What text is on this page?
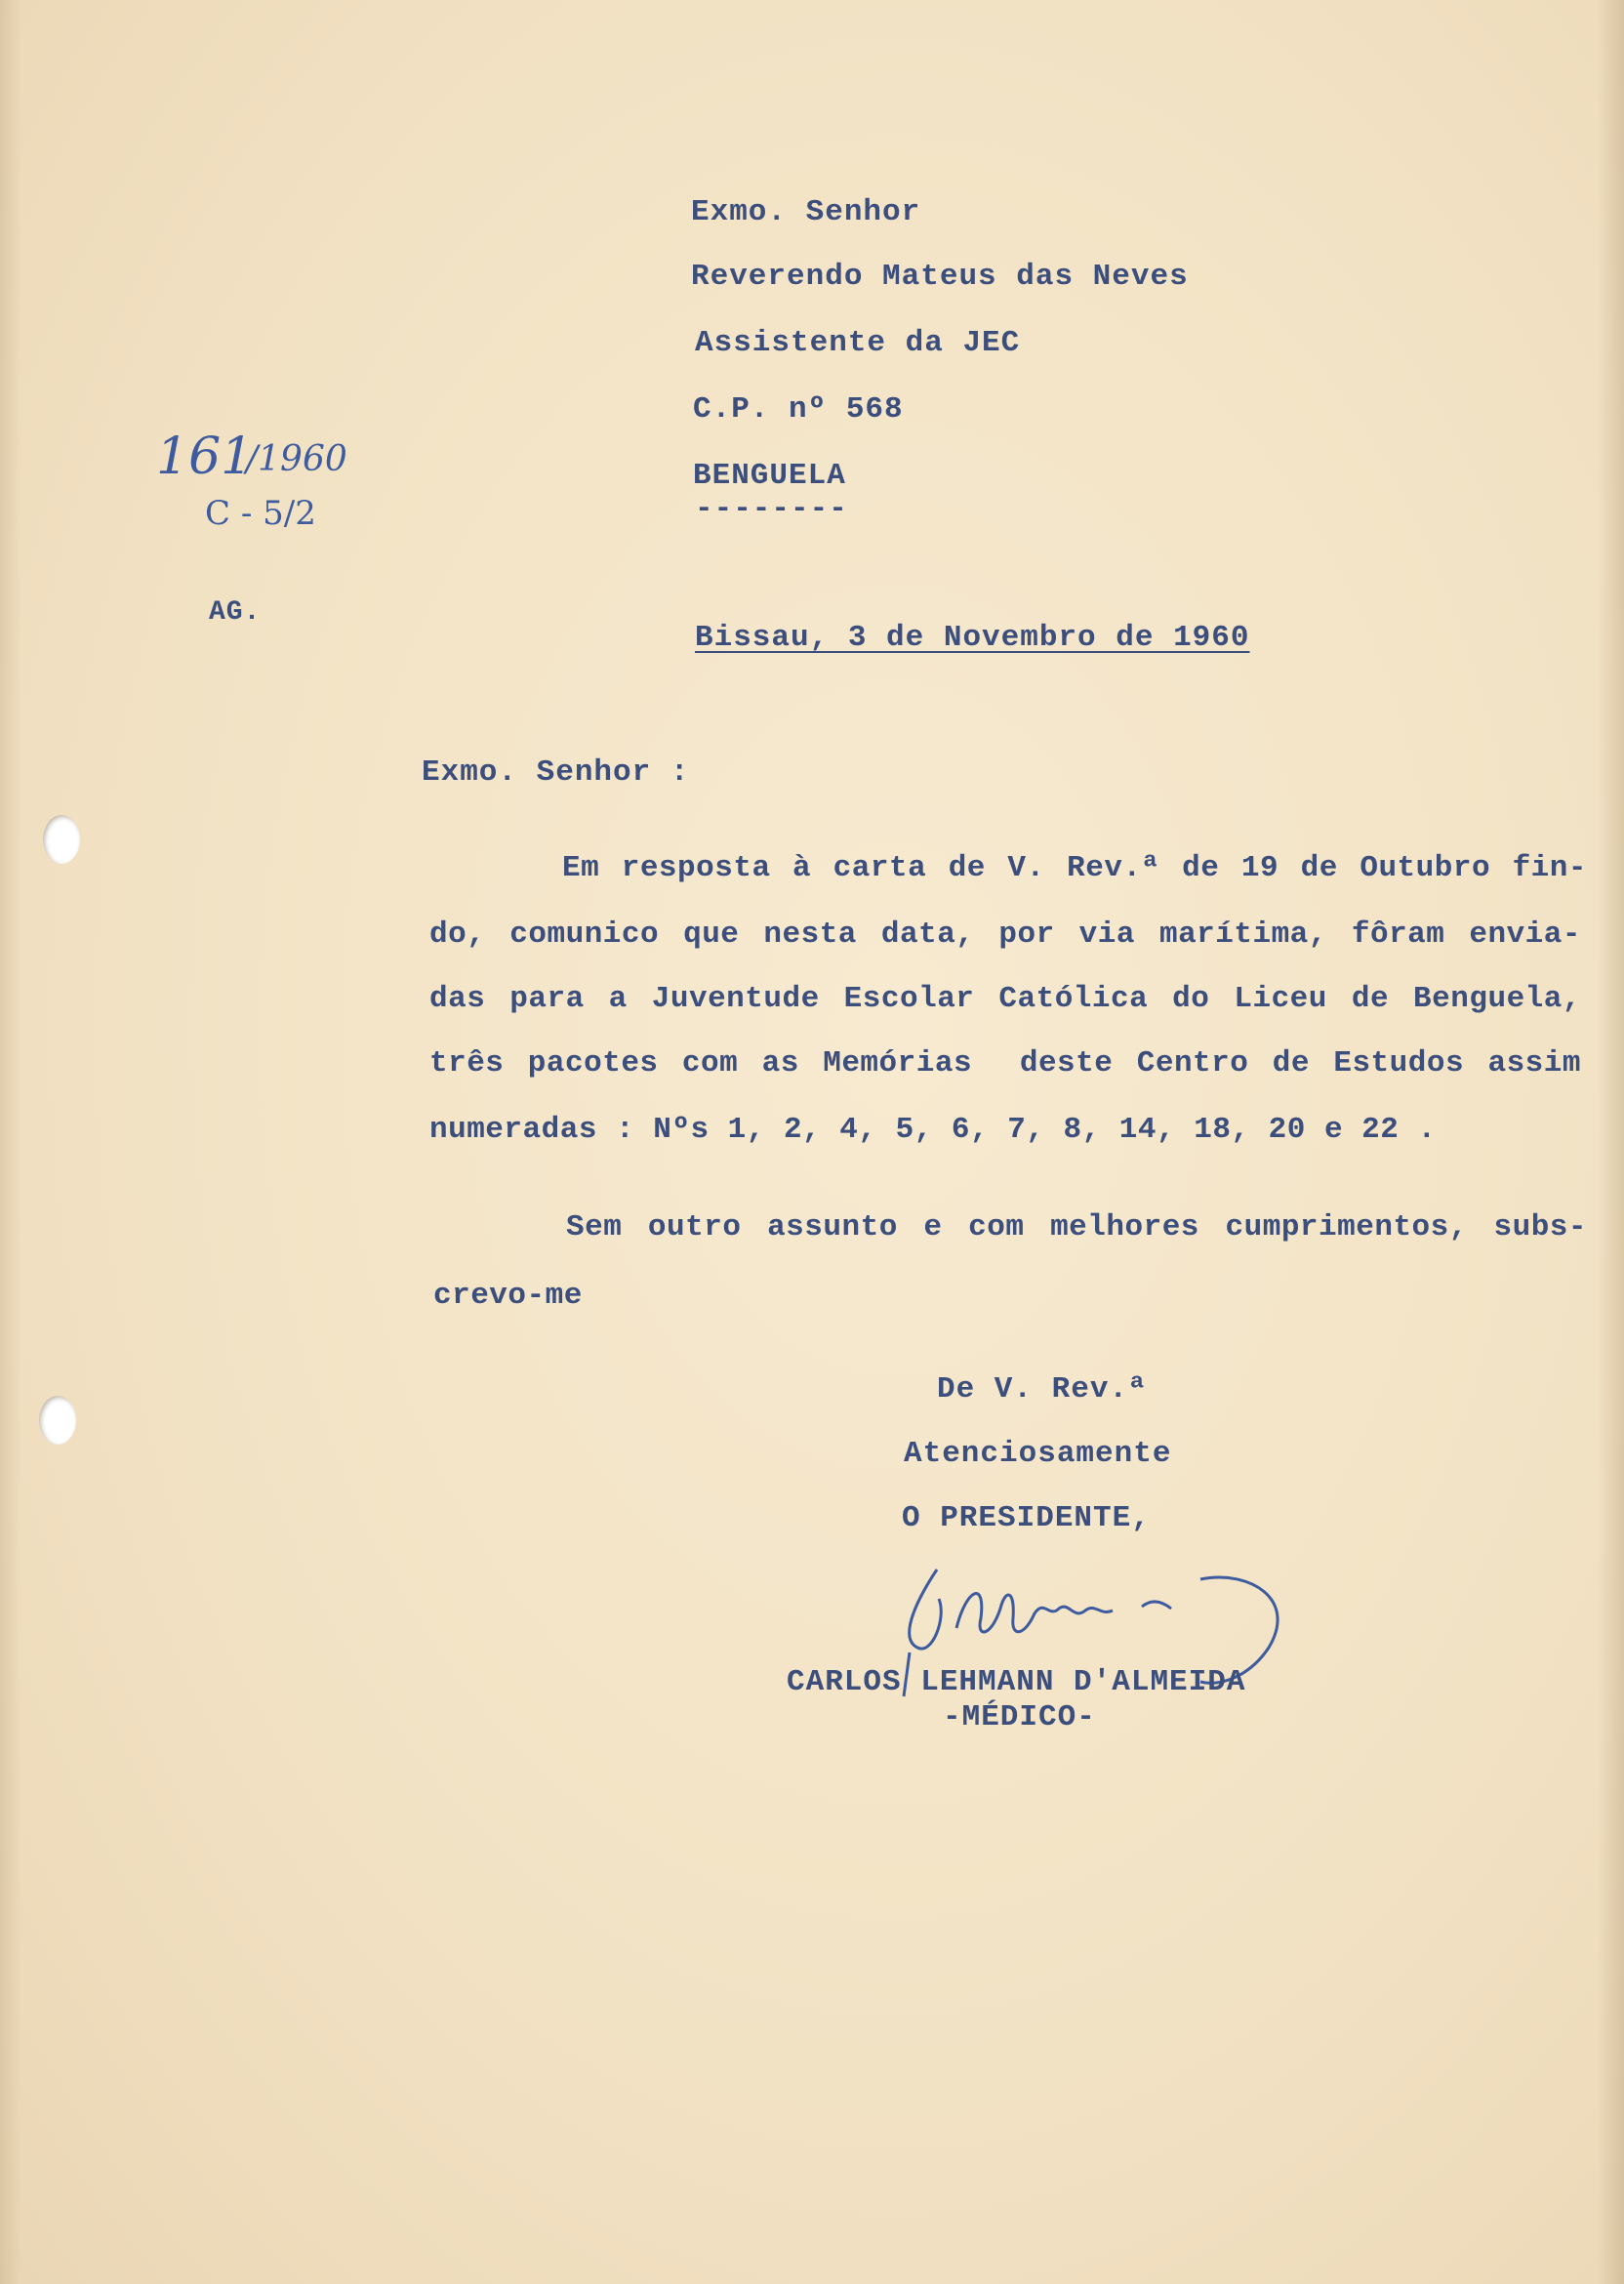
Exmo. Senhor
Reverendo Mateus das Neves
Assistente da JEC
C.P. nº 568
BENGUELA
--------
161
/1960
C - 5/2
AG.
Bissau, 3 de Novembro de 1960
Exmo. Senhor :
Em resposta à carta de V. Rev.ª de 19 de Outubro fin-
do, comunico que nesta data, por via marítima, fôram envia-
das para a Juventude Escolar Católica do Liceu de Benguela,
três pacotes com as Memórias  deste Centro de Estudos assim
numeradas : Nºs 1, 2, 4, 5, 6, 7, 8, 14, 18, 20 e 22 .
Sem outro assunto e com melhores cumprimentos, subs-
crevo-me
De V. Rev.ª
Atenciosamente
O PRESIDENTE,
CARLOS LEHMANN D'ALMEIDA
-MÉDICO-
